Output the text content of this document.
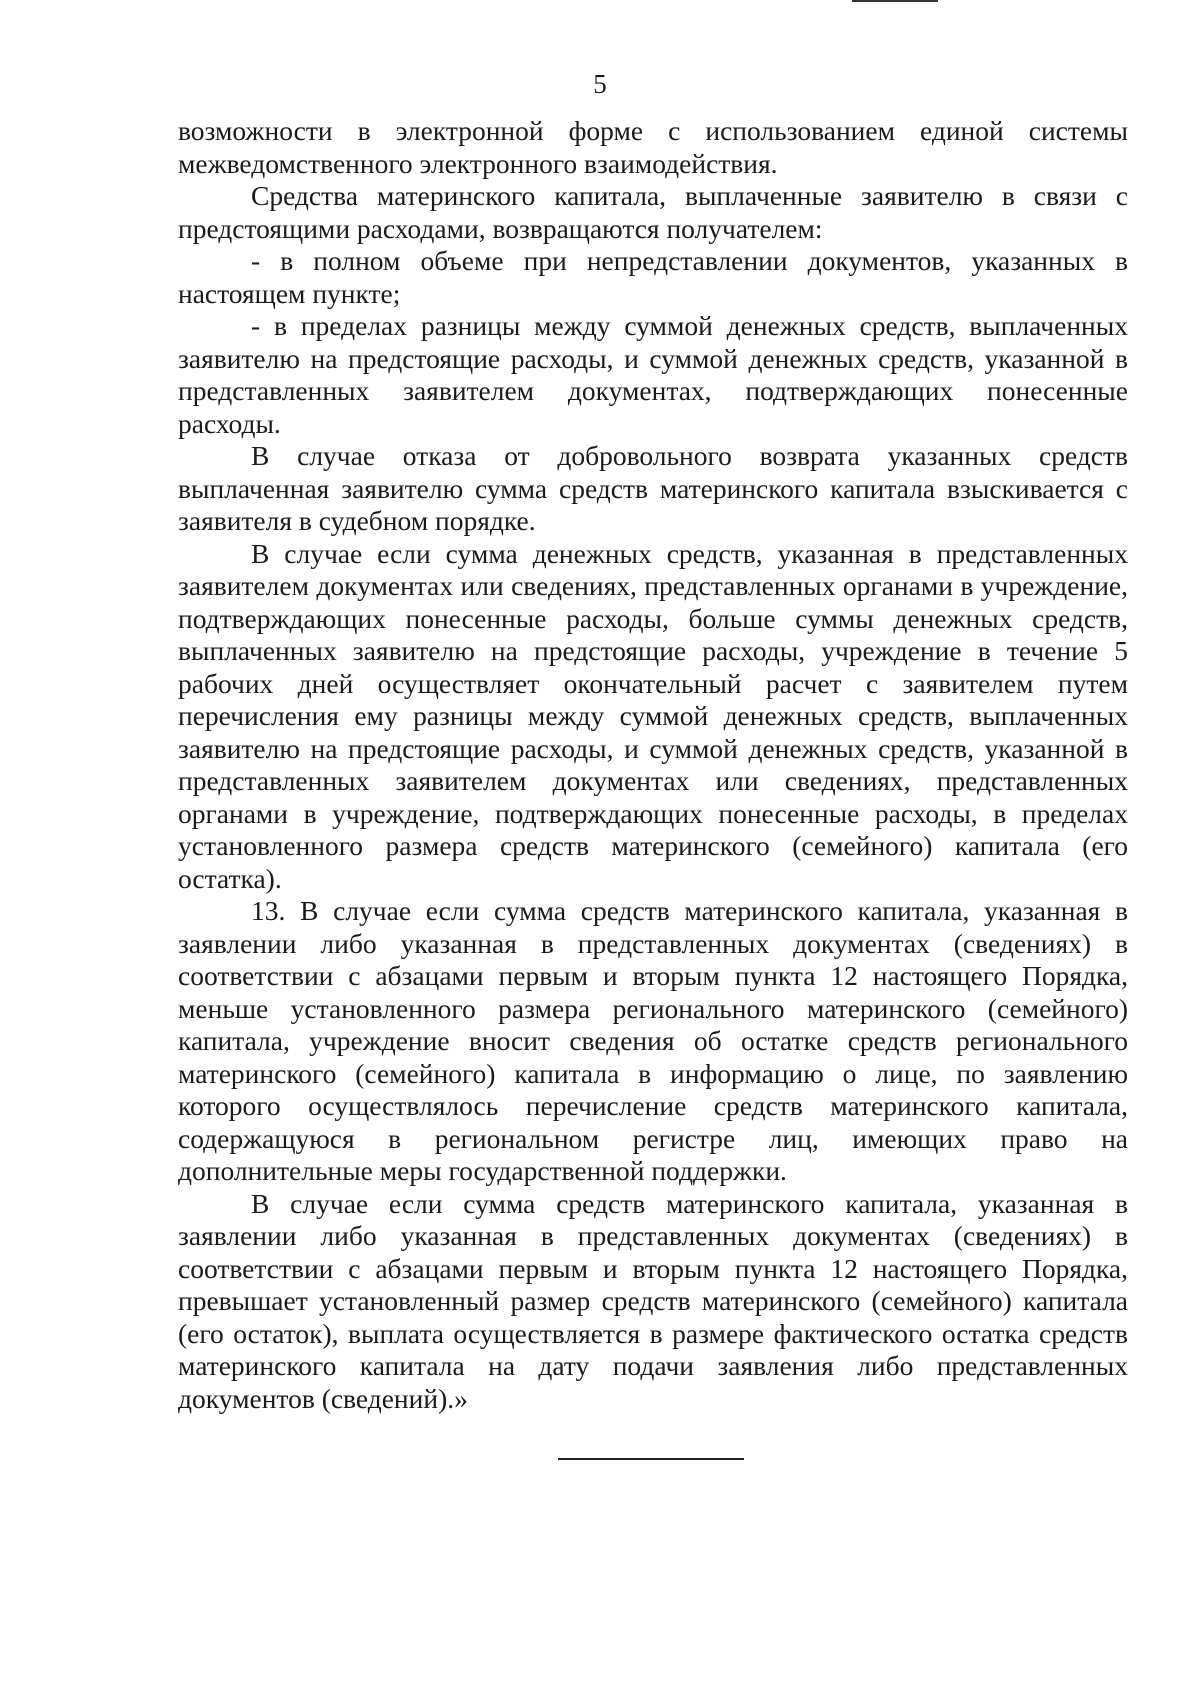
5

возможности в электронной форме с использованием единой системы межведомственного электронного взаимодействия.

Средства материнского капитала, выплаченные заявителю в связи с предстоящими расходами, возвращаются получателем:

- в полном объеме при непредставлении документов, указанных в настоящем пункте;

- в пределах разницы между суммой денежных средств, выплаченных заявителю на предстоящие расходы, и суммой денежных средств, указанной в представленных заявителем документах, подтверждающих понесенные расходы.

В случае отказа от добровольного возврата указанных средств выплаченная заявителю сумма средств материнского капитала взыскивается с заявителя в судебном порядке.

В случае если сумма денежных средств, указанная в представленных заявителем документах или сведениях, представленных органами в учреждение, подтверждающих понесенные расходы, больше суммы денежных средств, выплаченных заявителю на предстоящие расходы, учреждение в течение 5 рабочих дней осуществляет окончательный расчет с заявителем путем перечисления ему разницы между суммой денежных средств, выплаченных заявителю на предстоящие расходы, и суммой денежных средств, указанной в представленных заявителем документах или сведениях, представленных органами в учреждение, подтверждающих понесенные расходы, в пределах установленного размера средств материнского (семейного) капитала (его остатка).

13. В случае если сумма средств материнского капитала, указанная в заявлении либо указанная в представленных документах (сведениях) в соответствии с абзацами первым и вторым пункта 12 настоящего Порядка, меньше установленного размера регионального материнского (семейного) капитала, учреждение вносит сведения об остатке средств регионального материнского (семейного) капитала в информацию о лице, по заявлению которого осуществлялось перечисление средств материнского капитала, содержащуюся в региональном регистре лиц, имеющих право на дополнительные меры государственной поддержки.

В случае если сумма средств материнского капитала, указанная в заявлении либо указанная в представленных документах (сведениях) в соответствии с абзацами первым и вторым пункта 12 настоящего Порядка, превышает установленный размер средств материнского (семейного) капитала (его остаток), выплата осуществляется в размере фактического остатка средств материнского капитала на дату подачи заявления либо представленных документов (сведений).»
